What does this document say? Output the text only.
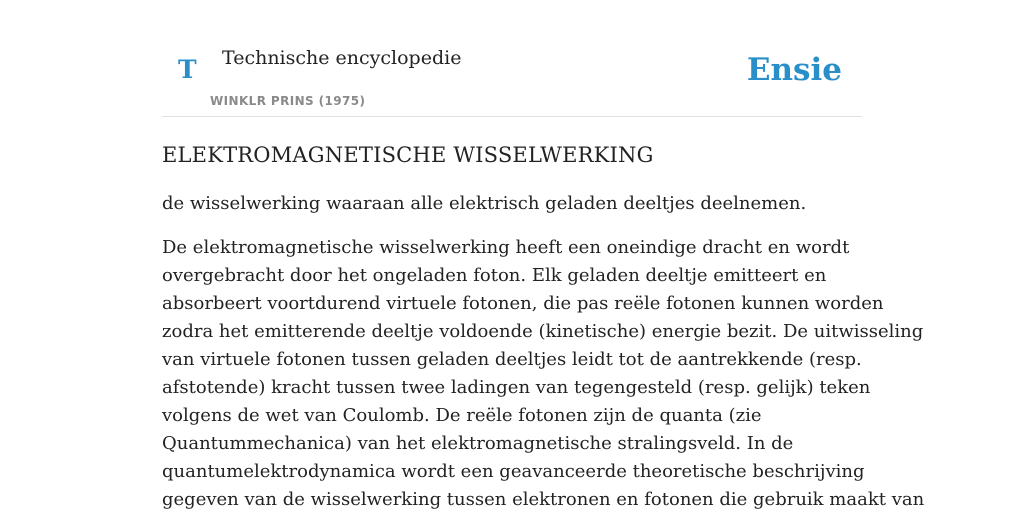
T Technische encyclopedie
WINKLR PRINS (1975)
Ensie
ELEKTROMAGNETISCHE WISSELWERKING

de wisselwerking waaraan alle elektrisch geladen deeltjes deelnemen.

De elektromagnetische wisselwerking heeft een oneindige dracht en wordt
overgebracht door het ongeladen foton. Elk geladen deeltje emitteert en
absorbeert voortdurend virtuele fotonen, die pas reële fotonen kunnen worden
zodra het emitterende deeltje voldoende (kinetische) energie bezit. De uitwisseling
van virtuele fotonen tussen geladen deeltjes leidt tot de aantrekkende (resp.
afstotende) kracht tussen twee ladingen van tegengesteld (resp. gelijk) teken
volgens de wet van Coulomb. De reële fotonen zijn de quanta (zie
Quantummechanica) van het elektromagnetische stralingsveld. In de
quantumelektrodynamica wordt een geavanceerde theoretische beschrijving
gegeven van de wisselwerking tussen elektronen en fotonen die gebruik maakt van
